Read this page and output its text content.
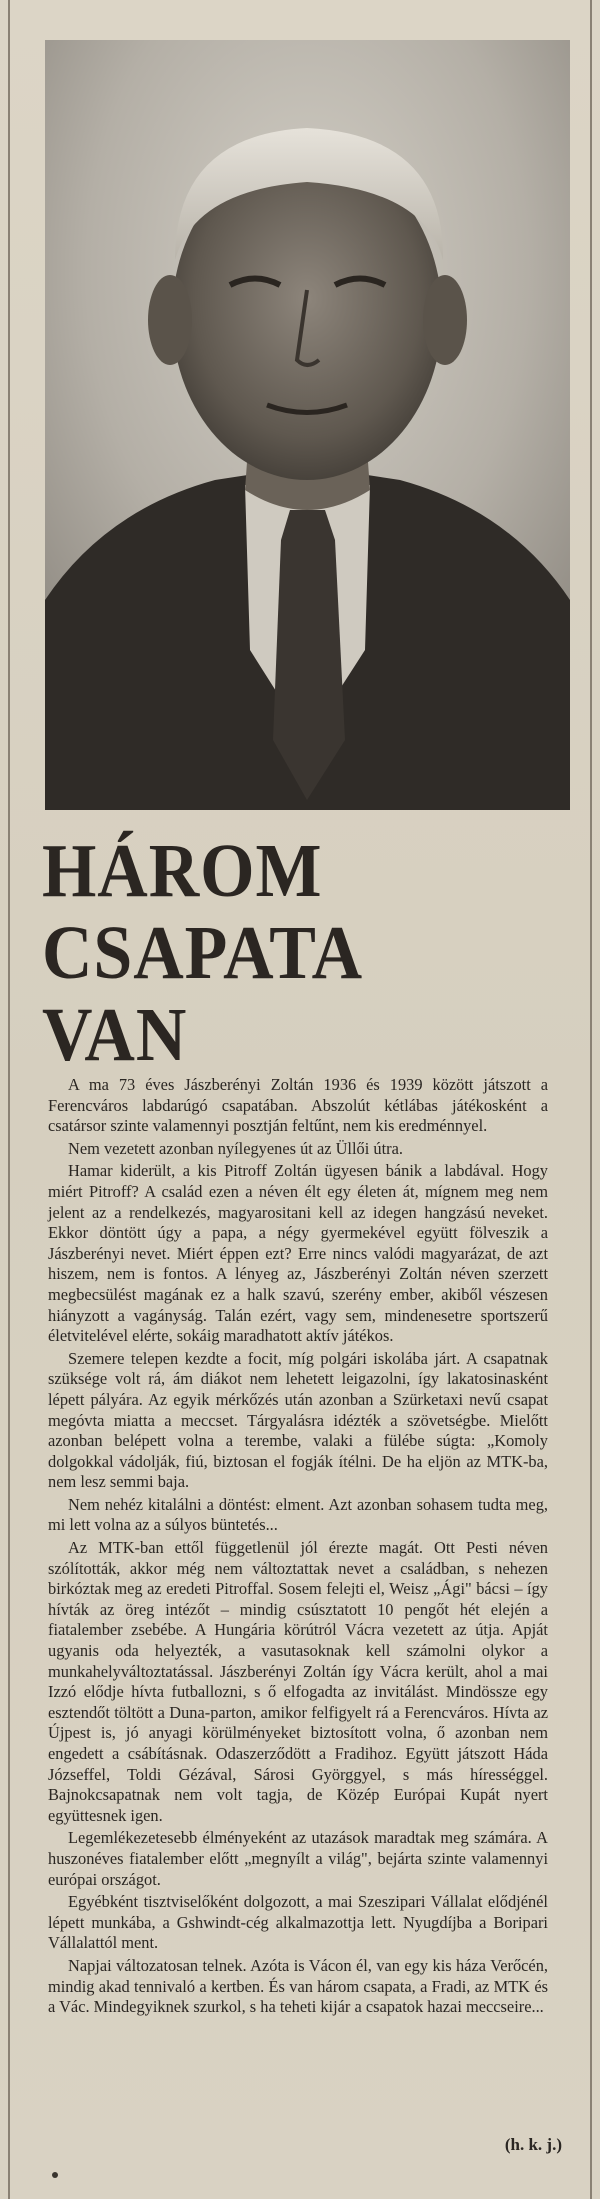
HÁROM
CSAPATA
VAN

A ma 73 éves Jászberényi Zoltán 1936 és 1939 között játszott a Ferencváros labdarúgó csapatában. Abszolút kétlábas játékosként a csatársor szinte valamennyi posztján feltűnt, nem kis eredménnyel.

Nem vezetett azonban nyílegyenes út az Üllői útra.

Hamar kiderült, a kis Pitroff Zoltán ügyesen bánik a labdával. Hogy miért Pitroff? A család ezen a néven élt egy életen át, mígnem meg nem jelent az a rendelkezés, magyarositani kell az idegen hangzású neveket. Ekkor döntött úgy a papa, a négy gyermekével együtt fölveszik a Jászberényi nevet. Miért éppen ezt? Erre nincs valódi magyarázat, de azt hiszem, nem is fontos. A lényeg az, Jászberényi Zoltán néven szerzett megbecsülést magának ez a halk szavú, szerény ember, akiből vészesen hiányzott a vagányság. Talán ezért, vagy sem, mindenesetre sportszerű életvitelével elérte, sokáig maradhatott aktív játékos.

Szemere telepen kezdte a focit, míg polgári iskolába járt. A csapatnak szüksége volt rá, ám diákot nem lehetett leigazolni, így lakatosinasként lépett pályára. Az egyik mérkőzés után azonban a Szürketaxi nevű csapat megóvta miatta a meccset. Tárgyalásra idézték a szövetségbe. Mielőtt azonban belépett volna a terembe, valaki a fülébe súgta: „Komoly dolgokkal vádolják, fiú, biztosan el fogják ítélni. De ha eljön az MTK-ba, nem lesz semmi baja.

Nem nehéz kitalálni a döntést: elment. Azt azonban sohasem tudta meg, mi lett volna az a súlyos büntetés...

Az MTK-ban ettől függetlenül jól érezte magát. Ott Pesti néven szólították, akkor még nem változtattak nevet a családban, s nehezen birkóztak meg az eredeti Pitroffal. Sosem felejti el, Weisz „Ági" bácsi – így hívták az öreg intézőt – mindig csúsztatott 10 pengőt hét elején a fiatalember zsebébe. A Hungária körútról Vácra vezetett az útja. Apját ugyanis oda helyezték, a vasutasoknak kell számolni olykor a munkahelyváltoztatással. Jászberényi Zoltán így Vácra került, ahol a mai Izzó elődje hívta futballozni, s ő elfogadta az invitálást. Mindössze egy esztendőt töltött a Duna-parton, amikor felfigyelt rá a Ferencváros. Hívta az Újpest is, jó anyagi körülményeket biztosított volna, ő azonban nem engedett a csábításnak. Odaszerződött a Fradihoz. Együtt játszott Háda Józseffel, Toldi Gézával, Sárosi Györggyel, s más hírességgel. Bajnokcsapatnak nem volt tagja, de Közép Európai Kupát nyert együttesnek igen.

Legemlékezetesebb élményeként az utazások maradtak meg számára. A huszonéves fiatalember előtt „megnyílt a világ", bejárta szinte valamennyi európai országot.

Egyébként tisztviselőként dolgozott, a mai Szeszipari Vállalat elődjénél lépett munkába, a Gshwindt-cég alkalmazottja lett. Nyugdíjba a Boripari Vállalattól ment.

Napjai változatosan telnek. Azóta is Vácon él, van egy kis háza Verőcén, mindig akad tennivaló a kertben. És van három csapata, a Fradi, az MTK és a Vác. Mindegyiknek szurkol, s ha teheti kijár a csapatok hazai meccseire...

(h. k. j.)
